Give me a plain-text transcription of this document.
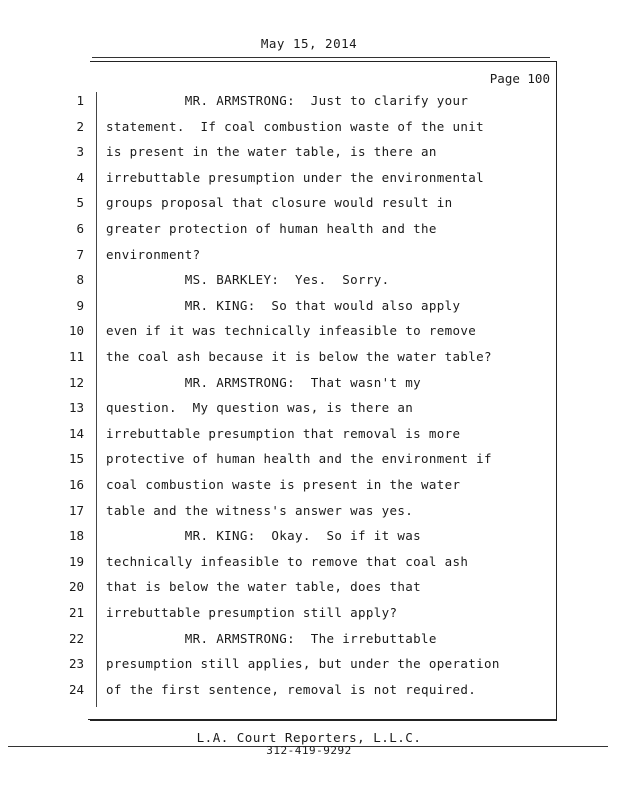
May 15, 2014
Page 100
1 MR. ARMSTRONG:  Just to clarify your
2 statement.  If coal combustion waste of the unit
3 is present in the water table, is there an
4 irrebuttable presumption under the environmental
5 groups proposal that closure would result in
6 greater protection of human health and the
7 environment?
8 MS. BARKLEY:  Yes.  Sorry.
9 MR. KING:  So that would also apply
10 even if it was technically infeasible to remove
11 the coal ash because it is below the water table?
12 MR. ARMSTRONG:  That wasn't my
13 question.  My question was, is there an
14 irrebuttable presumption that removal is more
15 protective of human health and the environment if
16 coal combustion waste is present in the water
17 table and the witness's answer was yes.
18 MR. KING:  Okay.  So if it was
19 technically infeasible to remove that coal ash
20 that is below the water table, does that
21 irrebuttable presumption still apply?
22 MR. ARMSTRONG:  The irrebuttable
23 presumption still applies, but under the operation
24 of the first sentence, removal is not required.
L.A. Court Reporters, L.L.C.
312-419-9292
